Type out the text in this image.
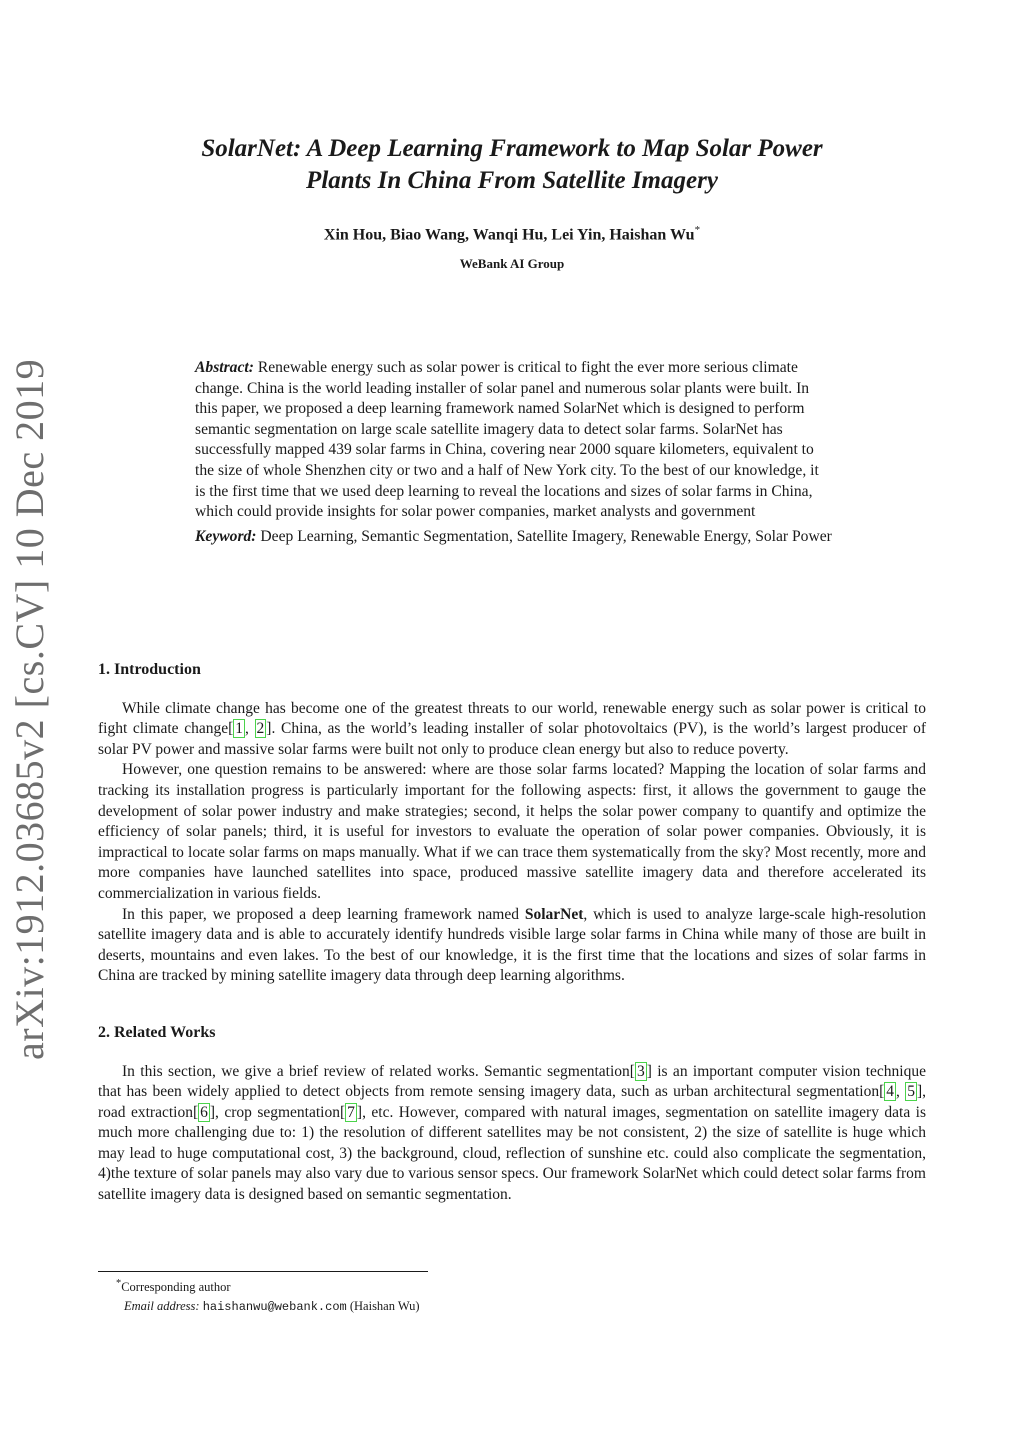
arXiv:1912.03685v2 [cs.CV] 10 Dec 2019
SolarNet: A Deep Learning Framework to Map Solar Power
Plants In China From Satellite Imagery
Xin Hou, Biao Wang, Wanqi Hu, Lei Yin, Haishan Wu*
WeBank AI Group

Abstract: Renewable energy such as solar power is critical to fight the ever more serious climate change. China is the world leading installer of solar panel and numerous solar plants were built. In this paper, we proposed a deep learning framework named SolarNet which is designed to perform semantic segmentation on large scale satellite imagery data to detect solar farms. SolarNet has successfully mapped 439 solar farms in China, covering near 2000 square kilometers, equivalent to the size of whole Shenzhen city or two and a half of New York city. To the best of our knowledge, it is the first time that we used deep learning to reveal the locations and sizes of solar farms in China, which could provide insights for solar power companies, market analysts and government

Keyword: Deep Learning, Semantic Segmentation, Satellite Imagery, Renewable Energy, Solar Power

1. Introduction

While climate change has become one of the greatest threats to our world, renewable energy such as solar power is critical to fight climate change[ 1 , 2 ]. China, as the world’s leading installer of solar photovoltaics (PV), is the world’s largest producer of solar PV power and massive solar farms were built not only to produce clean energy but also to reduce poverty.

However, one question remains to be answered: where are those solar farms located? Mapping the location of solar farms and tracking its installation progress is particularly important for the following aspects: first, it allows the government to gauge the development of solar power industry and make strategies; second, it helps the solar power company to quantify and optimize the efficiency of solar panels; third, it is useful for investors to evaluate the operation of solar power companies. Obviously, it is impractical to locate solar farms on maps manually. What if we can trace them systematically from the sky? Most recently, more and more companies have launched satellites into space, produced massive satellite imagery data and therefore accelerated its commercialization in various fields.

In this paper, we proposed a deep learning framework named SolarNet, which is used to analyze large-scale high-resolution satellite imagery data and is able to accurately identify hundreds visible large solar farms in China while many of those are built in deserts, mountains and even lakes. To the best of our knowledge, it is the first time that the locations and sizes of solar farms in China are tracked by mining satellite imagery data through deep learning algorithms.

2. Related Works

In this section, we give a brief review of related works. Semantic segmentation[ 3 ] is an important computer vision technique that has been widely applied to detect objects from remote sensing imagery data, such as urban architectural segmentation[ 4 , 5 ], road extraction[ 6 ], crop segmentation[ 7 ], etc. However, compared with natural images, segmentation on satellite imagery data is much more challenging due to: 1) the resolution of different satellites may be not consistent, 2) the size of satellite is huge which may lead to huge computational cost, 3) the background, cloud, reflection of sunshine etc. could also complicate the segmentation, 4)the texture of solar panels may also vary due to various sensor specs. Our framework SolarNet which could detect solar farms from satellite imagery data is designed based on semantic segmentation.

*Corresponding author
Email address: haishanwu@webank.com (Haishan Wu)
